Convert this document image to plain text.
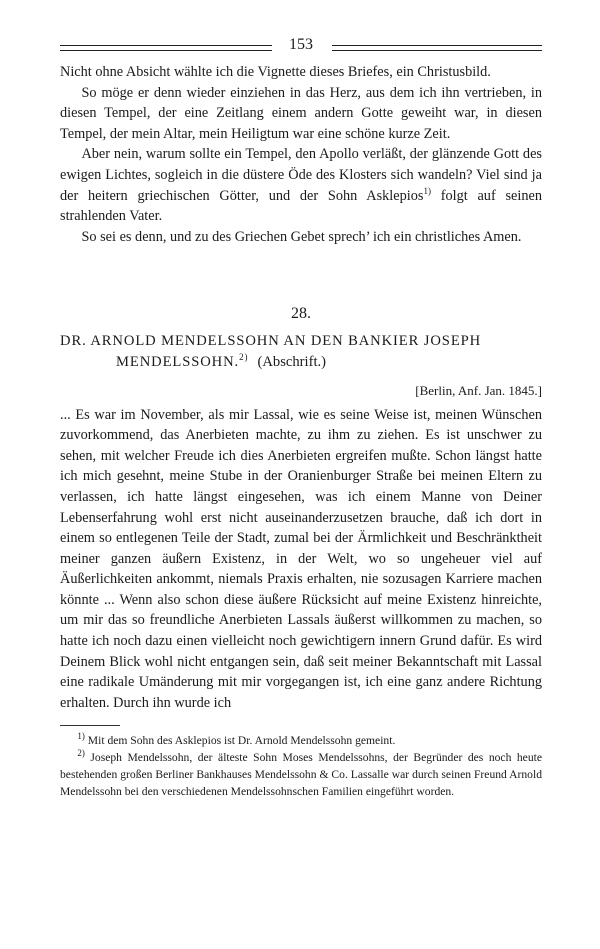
153

Nicht ohne Absicht wählte ich die Vignette dieses Briefes, ein Christusbild.

So möge er denn wieder einziehen in das Herz, aus dem ich ihn vertrieben, in diesen Tempel, der eine Zeitlang einem andern Gotte geweiht war, in diesen Tempel, der mein Altar, mein Heiligtum war eine schöne kurze Zeit.

Aber nein, warum sollte ein Tempel, den Apollo verläßt, der glänzende Gott des ewigen Lichtes, sogleich in die düstere Öde des Klosters sich wandeln? Viel sind ja der heitern griechischen Götter, und der Sohn Asklepios$^{1)}$ folgt auf seinen strahlenden Vater.

So sei es denn, und zu des Griechen Gebet sprech’ ich ein christliches Amen.

28.
DR. ARNOLD MENDELSSOHN AN DEN BANKIER JOSEPH
MENDELSSOHN.$^{2)}$ (Abschrift.)
[Berlin, Anf. Jan. 1845.]

... Es war im November, als mir Lassal, wie es seine Weise ist, meinen Wünschen zuvorkommend, das Anerbieten machte, zu ihm zu ziehen. Es ist unschwer zu sehen, mit welcher Freude ich dies Anerbieten ergreifen mußte. Schon längst hatte ich mich gesehnt, meine Stube in der Oranienburger Straße bei meinen Eltern zu verlassen, ich hatte längst eingesehen, was ich einem Manne von Deiner Lebenserfahrung wohl erst nicht auseinanderzusetzen brauche, daß ich dort in einem so entlegenen Teile der Stadt, zumal bei der Ärmlichkeit und Beschränktheit meiner ganzen äußern Existenz, in der Welt, wo so ungeheuer viel auf Äußerlichkeiten ankommt, niemals Praxis erhalten, nie sozusagen Karriere machen könnte ... Wenn also schon diese äußere Rücksicht auf meine Existenz hinreichte, um mir das so freundliche Anerbieten Lassals äußerst willkommen zu machen, so hatte ich noch dazu einen vielleicht noch gewichtigern innern Grund dafür. Es wird Deinem Blick wohl nicht entgangen sein, daß seit meiner Bekanntschaft mit Lassal eine radikale Umänderung mit mir vorgegangen ist, ich eine ganz andere Richtung erhalten. Durch ihn wurde ich

$^{1)}$ Mit dem Sohn des Asklepios ist Dr. Arnold Mendelssohn gemeint.

$^{2)}$ Joseph Mendelssohn, der älteste Sohn Moses Mendelssohns, der Begründer des noch heute bestehenden großen Berliner Bankhauses Mendelssohn & Co. Lassalle war durch seinen Freund Arnold Mendelssohn bei den verschiedenen Mendelssohnschen Familien eingeführt worden.
